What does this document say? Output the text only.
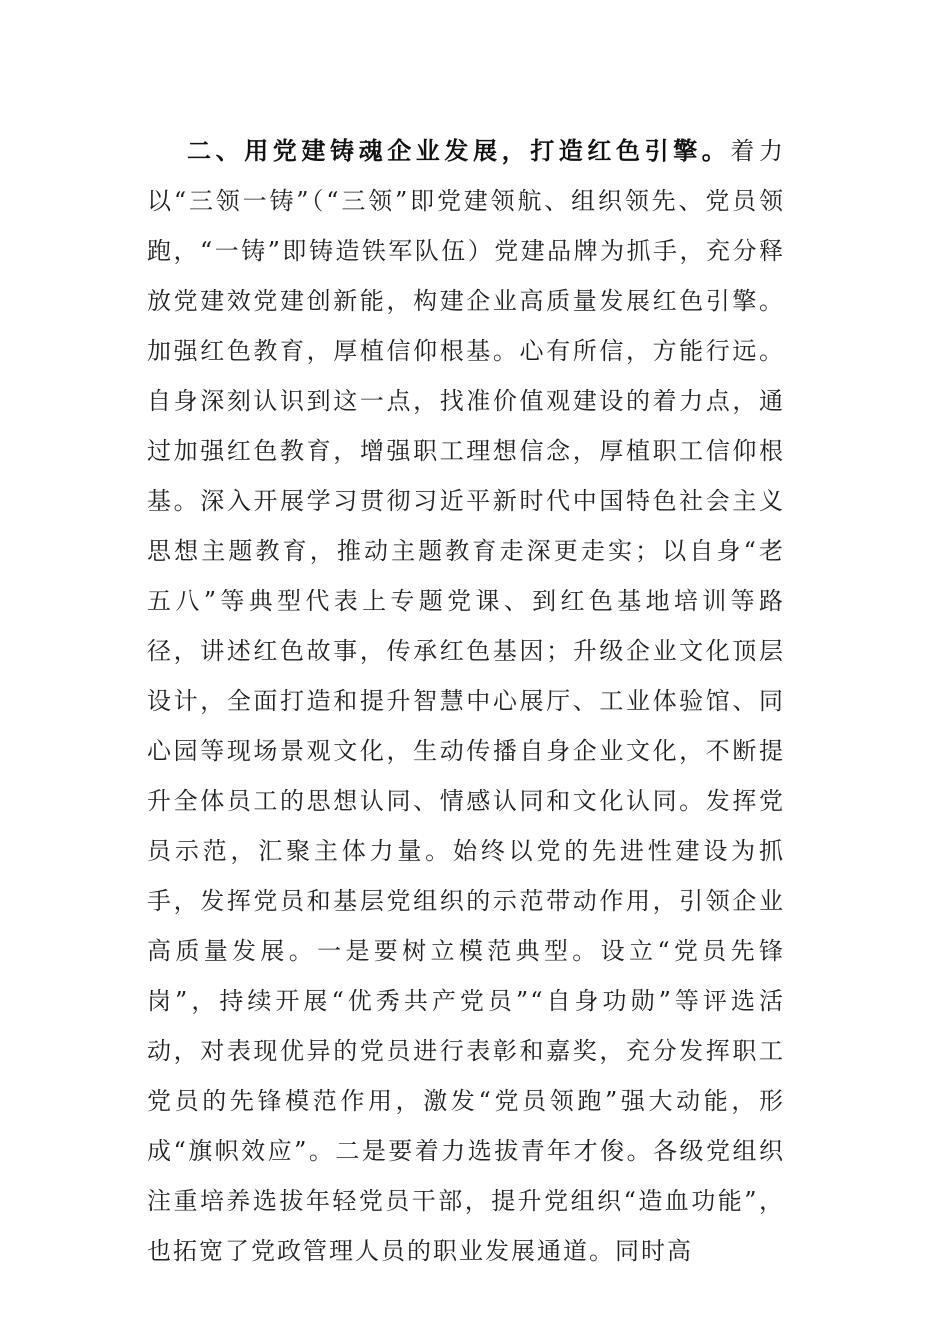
二、用党建铸魂企业发展，打造红色引擎。着力以“三领一铸”（“三领”即党建领航、组织领先、党员领跑，“一铸”即铸造铁军队伍）党建品牌为抓手，充分释放党建效党建创新能，构建企业高质量发展红色引擎。加强红色教育，厚植信仰根基。心有所信，方能行远。自身深刻认识到这一点，找准价值观建设的着力点，通过加强红色教育，增强职工理想信念，厚植职工信仰根基。深入开展学习贯彻习近平新时代中国特色社会主义思想主题教育，推动主题教育走深更走实；以自身“老五八”等典型代表上专题党课、到红色基地培训等路径，讲述红色故事，传承红色基因；升级企业文化顶层设计，全面打造和提升智慧中心展厅、工业体验馆、同心园等现场景观文化，生动传播自身企业文化，不断提升全体员工的思想认同、情感认同和文化认同。发挥党员示范，汇聚主体力量。始终以党的先进性建设为抓手，发挥党员和基层党组织的示范带动作用，引领企业高质量发展。一是要树立模范典型。设立“党员先锋岗”，持续开展“优秀共产党员”“自身功勋”等评选活动，对表现优异的党员进行表彰和嘉奖，充分发挥职工党员的先锋模范作用，激发“党员领跑”强大动能，形成“旗帜效应”。二是要着力选拔青年才俊。各级党组织注重培养选拔年轻党员干部，提升党组织“造血功能”，也拓宽了党政管理人员的职业发展通道。同时高
